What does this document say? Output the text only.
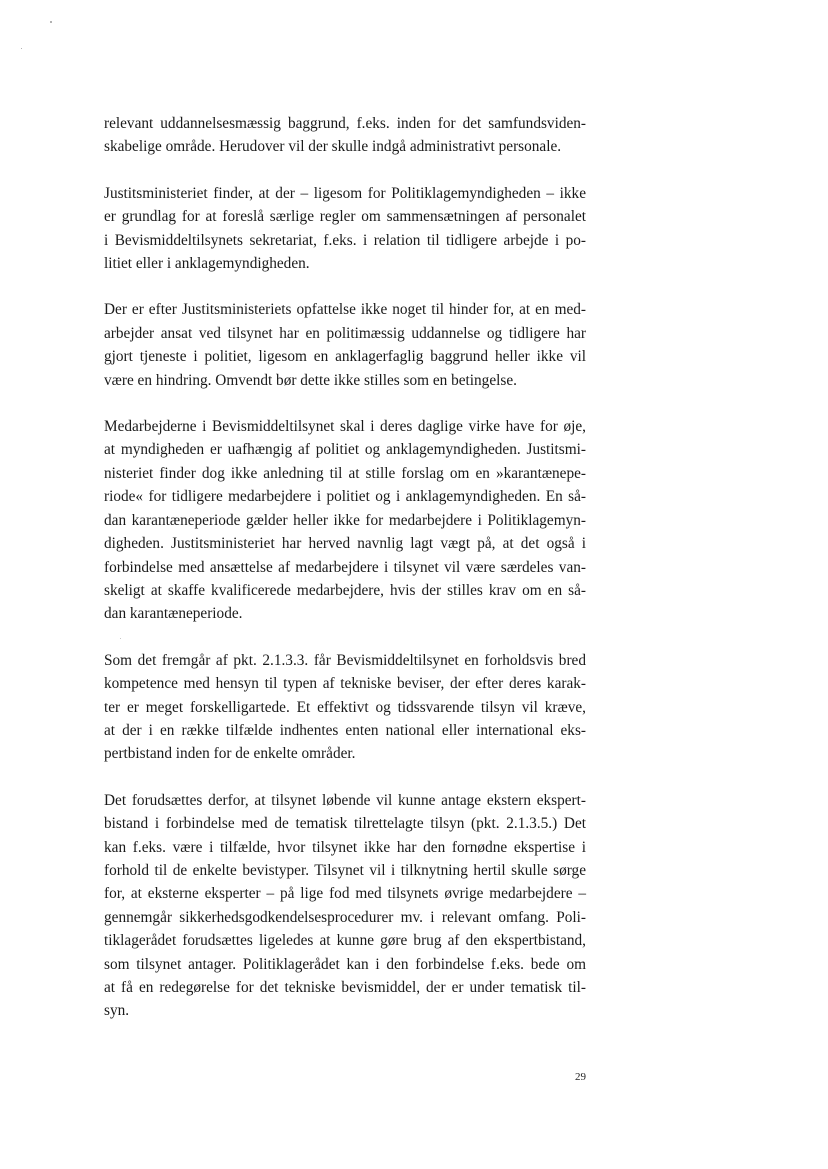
relevant uddannelsesmæssig baggrund, f.eks. inden for det samfundsviden-
skabelige område. Herudover vil der skulle indgå administrativt personale.

Justitsministeriet finder, at der – ligesom for Politiklagemyndigheden – ikke
er grundlag for at foreslå særlige regler om sammensætningen af personalet
i Bevismiddeltilsynets sekretariat, f.eks. i relation til tidligere arbejde i po-
litiet eller i anklagemyndigheden.

Der er efter Justitsministeriets opfattelse ikke noget til hinder for, at en med-
arbejder ansat ved tilsynet har en politimæssig uddannelse og tidligere har
gjort tjeneste i politiet, ligesom en anklagerfaglig baggrund heller ikke vil
være en hindring. Omvendt bør dette ikke stilles som en betingelse.

Medarbejderne i Bevismiddeltilsynet skal i deres daglige virke have for øje,
at myndigheden er uafhængig af politiet og anklagemyndigheden. Justitsmi-
nisteriet finder dog ikke anledning til at stille forslag om en »karantænepe-
riode« for tidligere medarbejdere i politiet og i anklagemyndigheden. En så-
dan karantæneperiode gælder heller ikke for medarbejdere i Politiklagemyn-
digheden. Justitsministeriet har herved navnlig lagt vægt på, at det også i
forbindelse med ansættelse af medarbejdere i tilsynet vil være særdeles van-
skeligt at skaffe kvalificerede medarbejdere, hvis der stilles krav om en så-
dan karantæneperiode.

Som det fremgår af pkt. 2.1.3.3. får Bevismiddeltilsynet en forholdsvis bred
kompetence med hensyn til typen af tekniske beviser, der efter deres karak-
ter er meget forskelligartede. Et effektivt og tidssvarende tilsyn vil kræve,
at der i en række tilfælde indhentes enten national eller international eks-
pertbistand inden for de enkelte områder.

Det forudsættes derfor, at tilsynet løbende vil kunne antage ekstern ekspert-
bistand i forbindelse med de tematisk tilrettelagte tilsyn (pkt. 2.1.3.5.) Det
kan f.eks. være i tilfælde, hvor tilsynet ikke har den fornødne ekspertise i
forhold til de enkelte bevistyper. Tilsynet vil i tilknytning hertil skulle sørge
for, at eksterne eksperter – på lige fod med tilsynets øvrige medarbejdere –
gennemgår sikkerhedsgodkendelsesprocedurer mv. i relevant omfang. Poli-
tiklagerådet forudsættes ligeledes at kunne gøre brug af den ekspertbistand,
som tilsynet antager. Politiklagerådet kan i den forbindelse f.eks. bede om
at få en redegørelse for det tekniske bevismiddel, der er under tematisk til-
syn.

29
